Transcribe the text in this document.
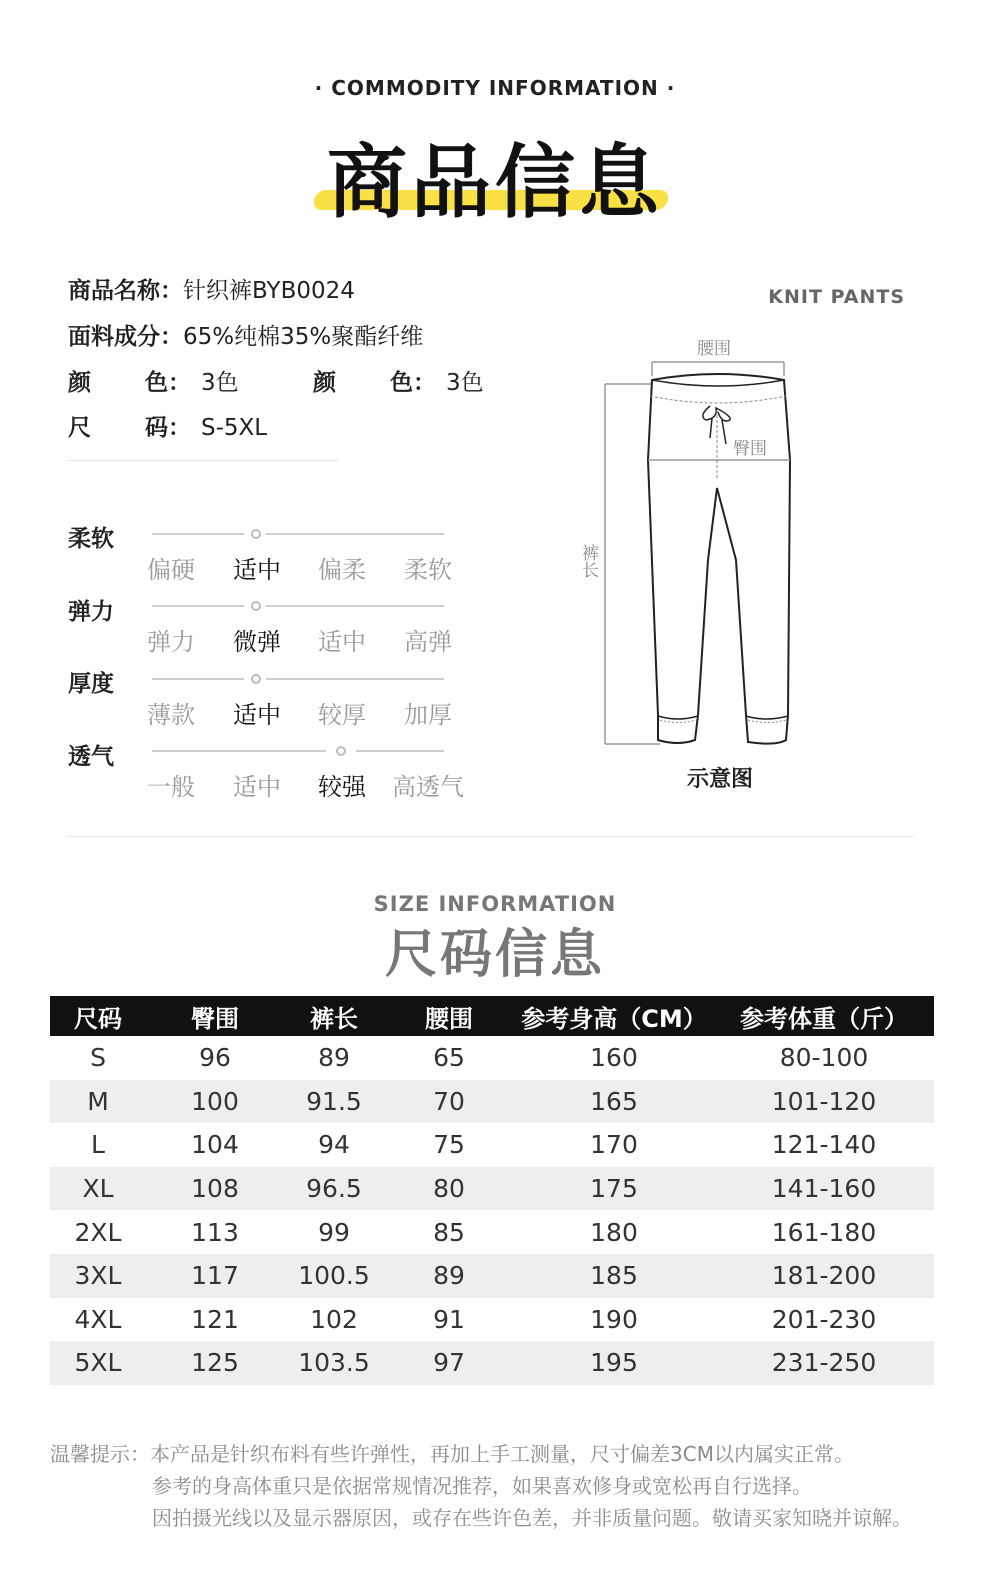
· COMMODITY INFORMATION ·
商品信息
商品名称：针织裤BYB0024
面料成分：65%纯棉35%聚酯纤维
颜 色： 3色	颜 色： 3色
尺 码： S-5XL
KNIT PANTS
腰围
臀围
裤长
示意图
柔软
偏硬	适中	偏柔	柔软
弹力
弹力	微弹	适中	高弹
厚度
薄款	适中	较厚	加厚
透气
一般	适中	较强	高透气
SIZE INFORMATION
尺码信息
尺码	臀围	裤长	腰围	参考身高（CM）	参考体重（斤）
S	96	89	65	160	80-100
M	100	91.5	70	165	101-120
L	104	94	75	170	121-140
XL	108	96.5	80	175	141-160
2XL	113	99	85	180	161-180
3XL	117	100.5	89	185	181-200
4XL	121	102	91	190	201-230
5XL	125	103.5	97	195	231-250
温馨提示：本产品是针织布料有些许弹性，再加上手工测量，尺寸偏差3CM以内属实正常。
参考的身高体重只是依据常规情况推荐，如果喜欢修身或宽松再自行选择。
因拍摄光线以及显示器原因，或存在些许色差，并非质量问题。敬请买家知晓并谅解。
